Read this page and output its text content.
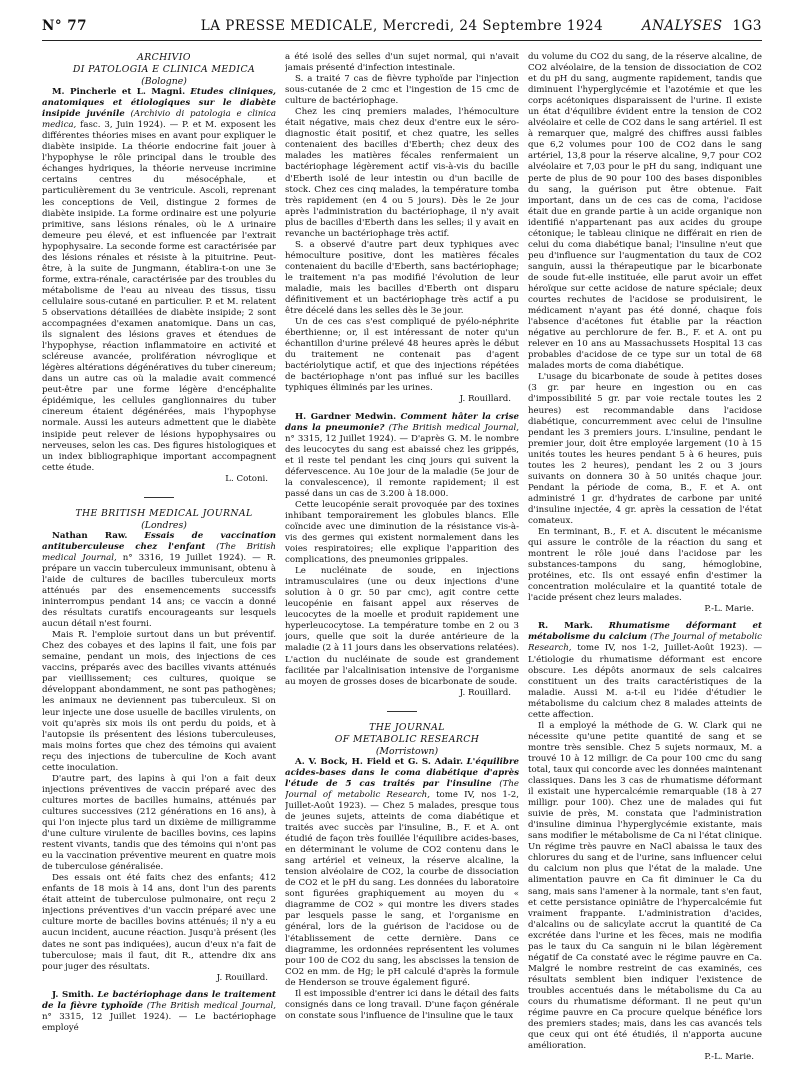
N° 77	LA PRESSE MEDICALE, Mercredi, 24 Septembre 1924	ANALYSES 1G3

ARCHIVIO

DI PATOLOGIA E CLINICA MEDICA

(Bologne)

M. Pincherle et L. Magni. Etudes cliniques, anatomiques et étiologiques sur le diabète insipide juvénile (Archivio di patologia e clinica medica, fasc. 3, Juin 1924). — P. et M. exposent les différentes théories mises en avant pour expliquer le diabète insipide. La théorie endocrine fait jouer à l'hypophyse le rôle principal dans le trouble des échanges hydriques, la théorie nerveuse incrimine certains centres du mésocéphale, et particulièrement du 3e ventricule. Ascoli, reprenant les conceptions de Veil, distingue 2 formes de diabète insipide. La forme ordinaire est une polyurie primitive, sans lésions rénales, où le Δ urinaire demeure peu élevé, et est influencée par l'extrait hypophysaire. La seconde forme est caractérisée par des lésions rénales et résiste à la pituitrine. Peut-être, à la suite de Jungmann, établira-t-on une 3e forme, extra-rénale, caractérisée par des troubles du métabolisme de l'eau au niveau des tissus, tissu cellulaire sous-cutané en particulier. P. et M. relatent 5 observations détaillées de diabète insipide; 2 sont accompagnées d'examen anatomique. Dans un cas, ils signalent des lésions graves et étendues de l'hypophyse, réaction inflammatoire en activité et scléreuse avancée, prolifération névroglique et légères altérations dégénératives du tuber cinereum; dans un autre cas où la maladie avait commencé peut-être par une forme légère d'encéphalite épidémique, les cellules ganglionnaires du tuber cinereum étaient dégénérées, mais l'hypophyse normale. Aussi les auteurs admettent que le diabète insipide peut relever de lésions hypophysaires ou nerveuses, selon les cas. Des figures histologiques et un index bibliographique important accompagnent cette étude.

L. Cotoni.

THE BRITISH MEDICAL JOURNAL

(Londres)

Nathan Raw. Essais de vaccination antituberculeuse chez l'enfant (The British medical Journal, n° 3316, 19 Juillet 1924). — R. prépare un vaccin tuberculeux immunisant, obtenu à l'aide de cultures de bacilles tuberculeux morts atténués par des ensemencements successifs ininterrompus pendant 14 ans; ce vaccin a donné des résultats curatifs encourageants sur lesquels aucun détail n'est fourni.

Mais R. l'emploie surtout dans un but préventif. Chez des cobayes et des lapins il fait, une fois par semaine, pendant un mois, des injections de ces vaccins, préparés avec des bacilles vivants atténués par vieillissement; ces cultures, quoique se développant abondamment, ne sont pas pathogènes; les animaux ne deviennent pas tuberculeux. Si on leur injecte une dose usuelle de bacilles virulents, on voit qu'après six mois ils ont perdu du poids, et à l'autopsie ils présentent des lésions tuberculeuses, mais moins fortes que chez des témoins qui avaient reçu des injections de tuberculine de Koch avant cette inoculation.

D'autre part, des lapins à qui l'on a fait deux injections préventives de vaccin préparé avec des cultures mortes de bacilles humains, atténués par cultures successives (212 générations en 16 ans), à qui l'on injecte plus tard un dixième de milligramme d'une culture virulente de bacilles bovins, ces lapins restent vivants, tandis que des témoins qui n'ont pas eu la vaccination préventive meurent en quatre mois de tuberculose généralisée.

Des essais ont été faits chez des enfants; 412 enfants de 18 mois à 14 ans, dont l'un des parents était atteint de tuberculose pulmonaire, ont reçu 2 injections préventives d'un vaccin préparé avec une culture morte de bacilles bovins atténués; il n'y a eu aucun incident, aucune réaction. Jusqu'à présent (les dates ne sont pas indiquées), aucun d'eux n'a fait de tuberculose; mais il faut, dit R., attendre dix ans pour juger des résultats.

J. Rouillard.

J. Smith. Le bactériophage dans le traitement de la fièvre typhoïde (The British medical Journal, n° 3315, 12 Juillet 1924). — Le bactériophage employé

a été isolé des selles d'un sujet normal, qui n'avait jamais présenté d'infection intestinale.

S. a traité 7 cas de fièvre typhoïde par l'injection sous-cutanée de 2 cmc et l'ingestion de 15 cmc de culture de bactériophage.

Chez les cinq premiers malades, l'hémoculture était négative, mais chez deux d'entre eux le séro-diagnostic était positif, et chez quatre, les selles contenaient des bacilles d'Eberth; chez deux des malades les matières fécales renfermaient un bactériophage légèrement actif vis-à-vis du bacille d'Eberth isolé de leur intestin ou d'un bacille de stock. Chez ces cinq malades, la température tomba très rapidement (en 4 ou 5 jours). Dès le 2e jour après l'administration du bactériophage, il n'y avait plus de bacilles d'Eberth dans les selles; il y avait en revanche un bactériophage très actif.

S. a observé d'autre part deux typhiques avec hémoculture positive, dont les matières fécales contenaient du bacille d'Eberth, sans bactériophage; le traitement n'a pas modifié l'évolution de leur maladie, mais les bacilles d'Eberth ont disparu définitivement et un bactériophage très actif a pu être décelé dans les selles dès le 3e jour.

Un de ces cas s'est compliqué de pyélo-néphrite éberthienne; or, il est intéressant de noter qu'un échantillon d'urine prélevé 48 heures après le début du traitement ne contenait pas d'agent bactériolytique actif, et que des injections répétées de bactériophage n'ont pas influé sur les bacilles typhiques éliminés par les urines.

J. Rouillard.

H. Gardner Medwin. Comment hâter la crise dans la pneumonie? (The British medical Journal, n° 3315, 12 Juillet 1924). — D'après G. M. le nombre des leucocytes du sang est abaissé chez les grippés, et il reste tel pendant les cinq jours qui suivent la défervescence. Au 10e jour de la maladie (5e jour de la convalescence), il remonte rapidement; il est passé dans un cas de 3.200 à 18.000.

Cette leucopénie serait provoquée par des toxines inhibant temporairement les globules blancs. Elle coïncide avec une diminution de la résistance vis-à-vis des germes qui existent normalement dans les voies respiratoires; elle explique l'apparition des complications, des pneumonies grippales.

Le nucléinate de soude, en injections intramusculaires (une ou deux injections d'une solution à 0 gr. 50 par cmc), agit contre cette leucopénie en faisant appel aux réserves de leucocytes de la moelle et produit rapidement une hyperleucocytose. La température tombe en 2 ou 3 jours, quelle que soit la durée antérieure de la maladie (2 à 11 jours dans les observations relatées). L'action du nucléinate de soude est grandement facilitée par l'alcalinisation intensive de l'organisme au moyen de grosses doses de bicarbonate de soude.

J. Rouillard.

THE JOURNAL

OF METABOLIC RESEARCH

(Morristown)

A. V. Bock, H. Field et G. S. Adair. L'équilibre acides-bases dans le coma diabétique d'après l'étude de 5 cas traités par l'insuline (The Journal of metabolic Research, tome IV, nos 1-2, Juillet-Août 1923). — Chez 5 malades, presque tous de jeunes sujets, atteints de coma diabétique et traités avec succès par l'insuline, B., F. et A. ont étudié de façon très fouillée l'équilibre acides-bases, en déterminant le volume de CO2 contenu dans le sang artériel et veineux, la réserve alcaline, la tension alvéolaire de CO2, la courbe de dissociation de CO2 et le pH du sang. Les données du laboratoire sont figurées graphiquement au moyen du « diagramme de CO2 » qui montre les divers stades par lesquels passe le sang, et l'organisme en général, lors de la guérison de l'acidose ou de l'établissement de cette dernière. Dans ce diagramme, les ordonnées représentent les volumes pour 100 de CO2 du sang, les abscisses la tension de CO2 en mm. de Hg; le pH calculé d'après la formule de Henderson se trouve également figuré.

Il est impossible d'entrer ici dans le détail des faits consignés dans ce long travail. D'une façon générale on constate sous l'influence de l'insuline que le taux

du volume du CO2 du sang, de la réserve alcaline, de CO2 alvéolaire, de la tension de dissociation de CO2 et du pH du sang, augmente rapidement, tandis que diminuent l'hyperglycémie et l'azotémie et que les corps acétoniques disparaissent de l'urine. Il existe un état d'équilibre évident entre la tension de CO2 alvéolaire et celle de CO2 dans le sang artériel. Il est à remarquer que, malgré des chiffres aussi faibles que 6,2 volumes pour 100 de CO2 dans le sang artériel, 13,8 pour la réserve alcaline, 9,7 pour CO2 alvéolaire et 7,03 pour le pH du sang, indiquant une perte de plus de 90 pour 100 des bases disponibles du sang, la guérison put être obtenue. Fait important, dans un de ces cas de coma, l'acidose était due en grande partie à un acide organique non identifié n'appartenant pas aux acides du groupe cétonique; le tableau clinique ne différait en rien de celui du coma diabétique banal; l'insuline n'eut que peu d'influence sur l'augmentation du taux de CO2 sanguin, aussi la thérapeutique par le bicarbonate de soude fut-elle instituée, elle parut avoir un effet héroïque sur cette acidose de nature spéciale; deux courtes rechutes de l'acidose se produisirent, le médicament n'ayant pas été donné, chaque fois l'absence d'acétones fut établie par la réaction négative au perchlorure de fer. B., F. et A. ont pu relever en 10 ans au Massachussets Hospital 13 cas probables d'acidose de ce type sur un total de 68 malades morts de coma diabétique.

L'usage du bicarbonate de soude à petites doses (3 gr. par heure en ingestion ou en cas d'impossibilité 5 gr. par voie rectale toutes les 2 heures) est recommandable dans l'acidose diabétique, concurremment avec celui de l'insuline pendant les 3 premiers jours. L'insuline, pendant le premier jour, doit être employée largement (10 à 15 unités toutes les heures pendant 5 à 6 heures, puis toutes les 2 heures), pendant les 2 ou 3 jours suivants on donnera 30 à 50 unités chaque jour. Pendant la période de coma, B., F. et A. ont administré 1 gr. d'hydrates de carbone par unité d'insuline injectée, 4 gr. après la cessation de l'état comateux.

En terminant, B., F. et A. discutent le mécanisme qui assure le contrôle de la réaction du sang et montrent le rôle joué dans l'acidose par les substances-tampons du sang, hémoglobine, protéines, etc. Ils ont essayé enfin d'estimer la concentration moléculaire et la quantité totale de l'acide présent chez leurs malades.

P.-L. Marie.

R. Mark. Rhumatisme déformant et métabolisme du calcium (The Journal of metabolic Research, tome IV, nos 1-2, Juillet-Août 1923). — L'étiologie du rhumatisme déformant est encore obscure. Les dépôts anormaux de sels calcaires constituent un des traits caractéristiques de la maladie. Aussi M. a-t-il eu l'idée d'étudier le métabolisme du calcium chez 8 malades atteints de cette affection.

Il a employé la méthode de G. W. Clark qui ne nécessite qu'une petite quantité de sang et se montre très sensible. Chez 5 sujets normaux, M. a trouvé 10 à 12 milligr. de Ca pour 100 cmc du sang total, taux qui concorde avec les données maintenant classiques. Dans les 3 cas de rhumatisme déformant il existait une hypercalcémie remarquable (18 à 27 milligr. pour 100). Chez une de malades qui fut suivie de près, M. constata que l'administration d'insuline diminua l'hyperglycémie existante, mais sans modifier le métabolisme de Ca ni l'état clinique. Un régime très pauvre en NaCl abaissa le taux des chlorures du sang et de l'urine, sans influencer celui du calcium non plus que l'état de la malade. Une alimentation pauvre en Ca fit diminuer le Ca du sang, mais sans l'amener à la normale, tant s'en faut, et cette persistance opiniâtre de l'hypercalcémie fut vraiment frappante. L'administration d'acides, d'alcalins ou de salicylate accrut la quantité de Ca excrétée dans l'urine et les fèces, mais ne modifia pas le taux du Ca sanguin ni le bilan légèrement négatif de Ca constaté avec le régime pauvre en Ca. Malgré le nombre restreint de cas examinés, ces résultats semblent bien indiquer l'existence de troubles accentués dans le métabolisme du Ca au cours du rhumatisme déformant. Il ne peut qu'un régime pauvre en Ca procure quelque bénéfice lors des premiers stades; mais, dans les cas avancés tels que ceux qui ont été étudiés, il n'apporta aucune amélioration.

P.-L. Marie.
